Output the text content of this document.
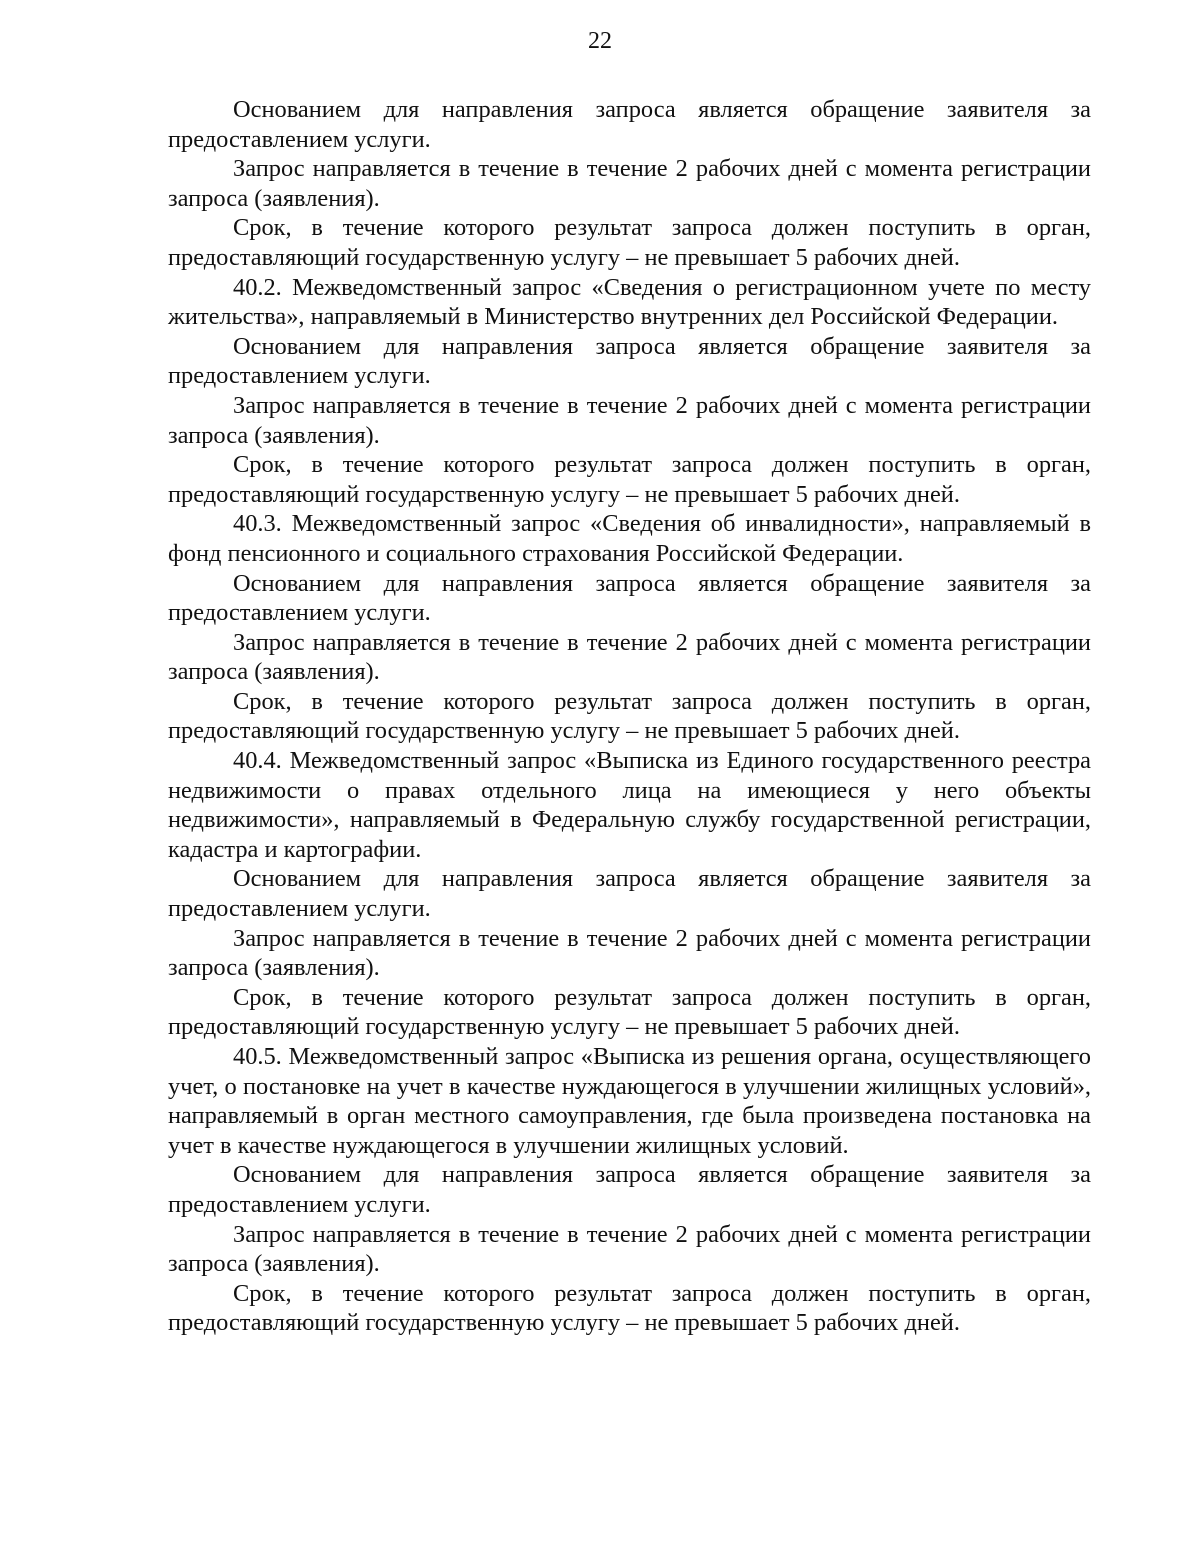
22

Основанием для направления запроса является обращение заявителя за предоставлением услуги.

Запрос направляется в течение в течение 2 рабочих дней с момента регистрации запроса (заявления).

Срок, в течение которого результат запроса должен поступить в орган, предоставляющий государственную услугу – не превышает 5 рабочих дней.

40.2. Межведомственный запрос «Сведения о регистрационном учете по месту жительства», направляемый в Министерство внутренних дел Российской Федерации.

Основанием для направления запроса является обращение заявителя за предоставлением услуги.

Запрос направляется в течение в течение 2 рабочих дней с момента регистрации запроса (заявления).

Срок, в течение которого результат запроса должен поступить в орган, предоставляющий государственную услугу – не превышает 5 рабочих дней.

40.3. Межведомственный запрос «Сведения об инвалидности», направляемый в фонд пенсионного и социального страхования Российской Федерации.

Основанием для направления запроса является обращение заявителя за предоставлением услуги.

Запрос направляется в течение в течение 2 рабочих дней с момента регистрации запроса (заявления).

Срок, в течение которого результат запроса должен поступить в орган, предоставляющий государственную услугу – не превышает 5 рабочих дней.

40.4. Межведомственный запрос «Выписка из Единого государственного реестра недвижимости о правах отдельного лица на имеющиеся у него объекты недвижимости», направляемый в Федеральную службу государственной регистрации, кадастра и картографии.

Основанием для направления запроса является обращение заявителя за предоставлением услуги.

Запрос направляется в течение в течение 2 рабочих дней с момента регистрации запроса (заявления).

Срок, в течение которого результат запроса должен поступить в орган, предоставляющий государственную услугу – не превышает 5 рабочих дней.

40.5. Межведомственный запрос «Выписка из решения органа, осуществляющего учет, о постановке на учет в качестве нуждающегося в улучшении жилищных условий», направляемый в орган местного самоуправления, где была произведена постановка на учет в качестве нуждающегося в улучшении жилищных условий.

Основанием для направления запроса является обращение заявителя за предоставлением услуги.

Запрос направляется в течение в течение 2 рабочих дней с момента регистрации запроса (заявления).

Срок, в течение которого результат запроса должен поступить в орган, предоставляющий государственную услугу – не превышает 5 рабочих дней.
